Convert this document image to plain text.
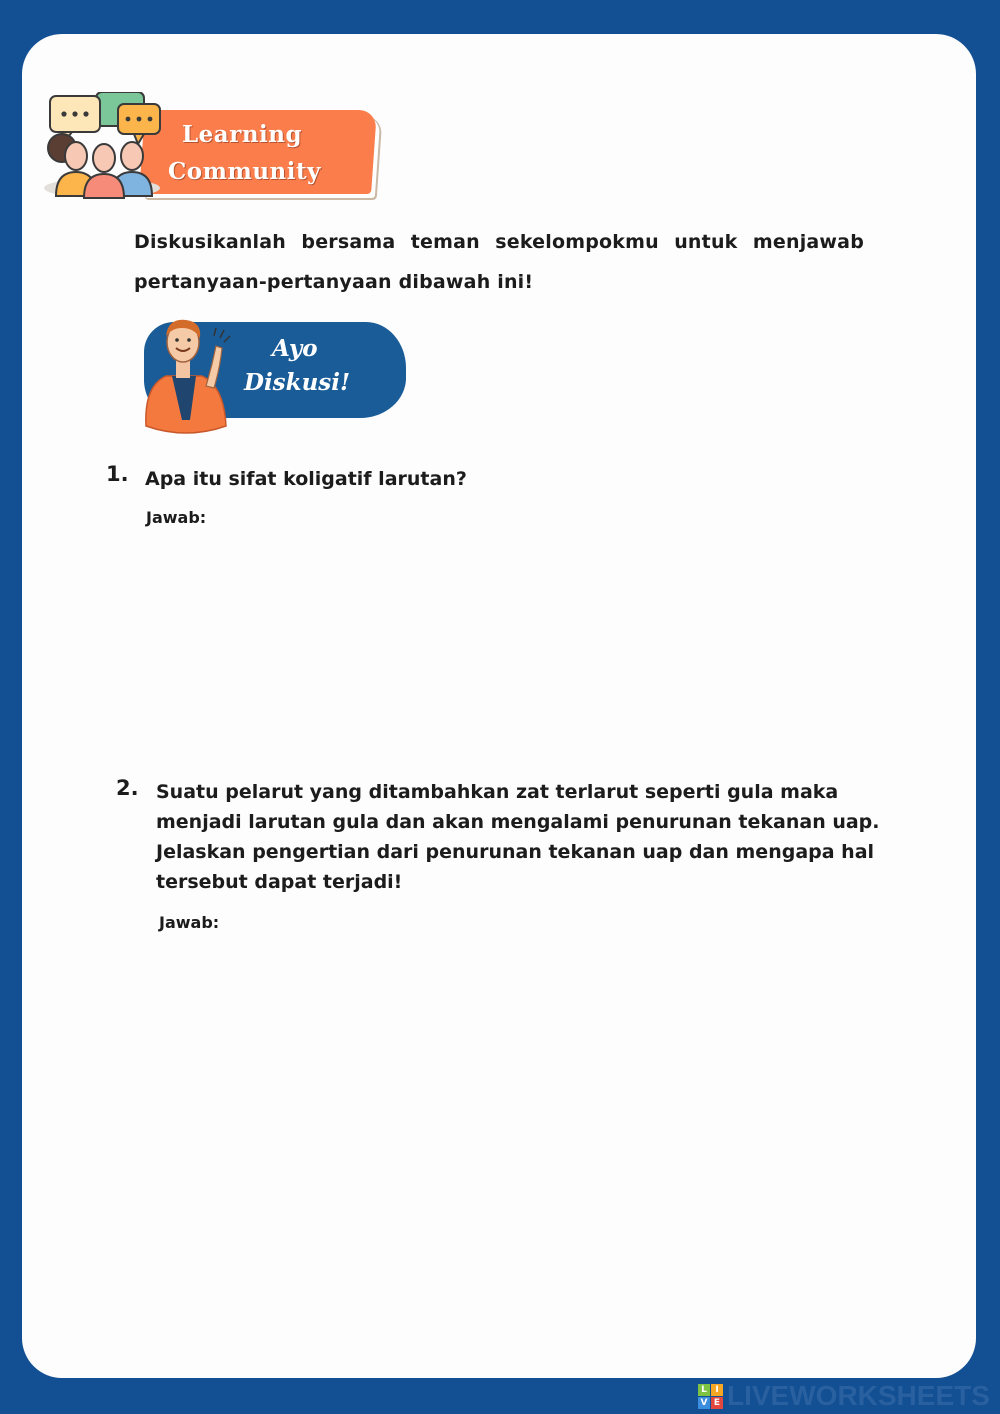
Learning
Community
Diskusikanlah bersama teman sekelompokmu untuk menjawab pertanyaan-pertanyaan dibawah ini!
Ayo
Diskusi!
1. Apa itu sifat koligatif larutan?
Jawab:
2. Suatu pelarut yang ditambahkan zat terlarut seperti gula maka menjadi larutan gula dan akan mengalami penurunan tekanan uap. Jelaskan pengertian dari penurunan tekanan uap dan mengapa hal tersebut dapat terjadi!
Jawab:
L I
V E LIVEWORKSHEETS
